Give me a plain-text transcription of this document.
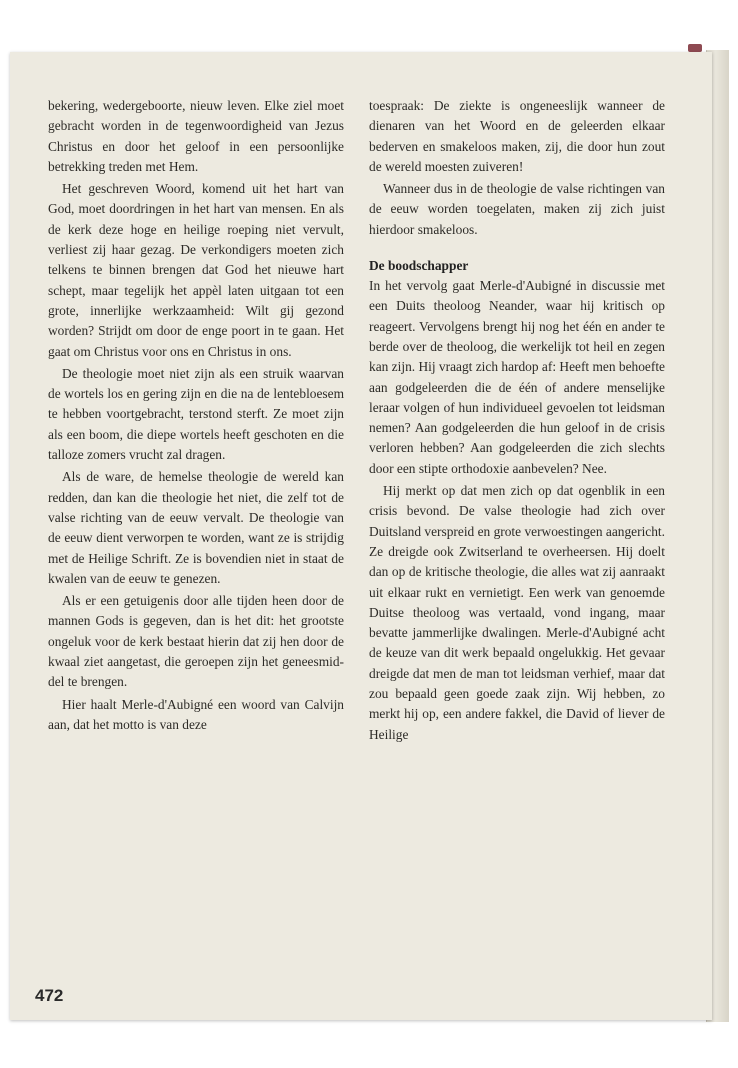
bekering, wedergeboorte, nieuw leven. Elke ziel moet gebracht worden in de tegenwoordigheid van Jezus Christus en door het geloof in een persoonlijke betrekking treden met Hem.

Het geschreven Woord, komend uit het hart van God, moet doordringen in het hart van mensen. En als de kerk deze hoge en heilige roeping niet vervult, verliest zij haar gezag. De verkondigers moeten zich telkens te binnen brengen dat God het nieuwe hart schept, maar tegelijk het appèl laten uitgaan tot een grote, innerlijke werkzaamheid: Wilt gij gezond worden? Strijdt om door de enge poort in te gaan. Het gaat om Christus voor ons en Christus in ons.

De theologie moet niet zijn als een struik waarvan de wortels los en gering zijn en die na de lentebloesem te hebben voortgebracht, terstond sterft. Ze moet zijn als een boom, die diepe wortels heeft geschoten en die talloze zomers vrucht zal dragen.

Als de ware, de hemelse theologie de wereld kan redden, dan kan die theologie het niet, die zelf tot de valse richting van de eeuw vervalt. De theologie van de eeuw dient verworpen te worden, want ze is strijdig met de Heilige Schrift. Ze is bovendien niet in staat de kwalen van de eeuw te genezen.

Als er een getuigenis door alle tijden heen door de mannen Gods is gegeven, dan is het dit: het grootste ongeluk voor de kerk bestaat hierin dat zij hen door de kwaal ziet aangetast, die geroepen zijn het geneesmiddel te brengen.

Hier haalt Merle-d'Aubigné een woord van Calvijn aan, dat het motto is van deze

toespraak: De ziekte is ongeneeslijk wanneer de dienaren van het Woord en de geleerden elkaar bederven en smakeloos maken, zij, die door hun zout de wereld moesten zuiveren!

Wanneer dus in de theologie de valse richtingen van de eeuw worden toegelaten, maken zij zich juist hierdoor smakeloos.

De boodschapper

In het vervolg gaat Merle-d'Aubigné in discussie met een Duits theoloog Neander, waar hij kritisch op reageert. Vervolgens brengt hij nog het één en ander te berde over de theoloog, die werkelijk tot heil en zegen kan zijn. Hij vraagt zich hardop af: Heeft men behoefte aan godgeleerden die de één of andere menselijke leraar volgen of hun individueel gevoelen tot leidsman nemen? Aan godgeleerden die hun geloof in de crisis verloren hebben? Aan godgeleerden die zich slechts door een stipte orthodoxie aanbevelen? Nee.

Hij merkt op dat men zich op dat ogenblik in een crisis bevond. De valse theologie had zich over Duitsland verspreid en grote verwoestingen aangericht. Ze dreigde ook Zwitserland te overheersen. Hij doelt dan op de kritische theologie, die alles wat zij aanraakt uit elkaar rukt en vernietigt. Een werk van genoemde Duitse theoloog was vertaald, vond ingang, maar bevatte jammerlijke dwalingen. Merle-d'Aubigné acht de keuze van dit werk bepaald ongelukkig. Het gevaar dreigde dat men de man tot leidsman verhief, maar dat zou bepaald geen goede zaak zijn. Wij hebben, zo merkt hij op, een andere fakkel, die David of liever de Heilige

472
